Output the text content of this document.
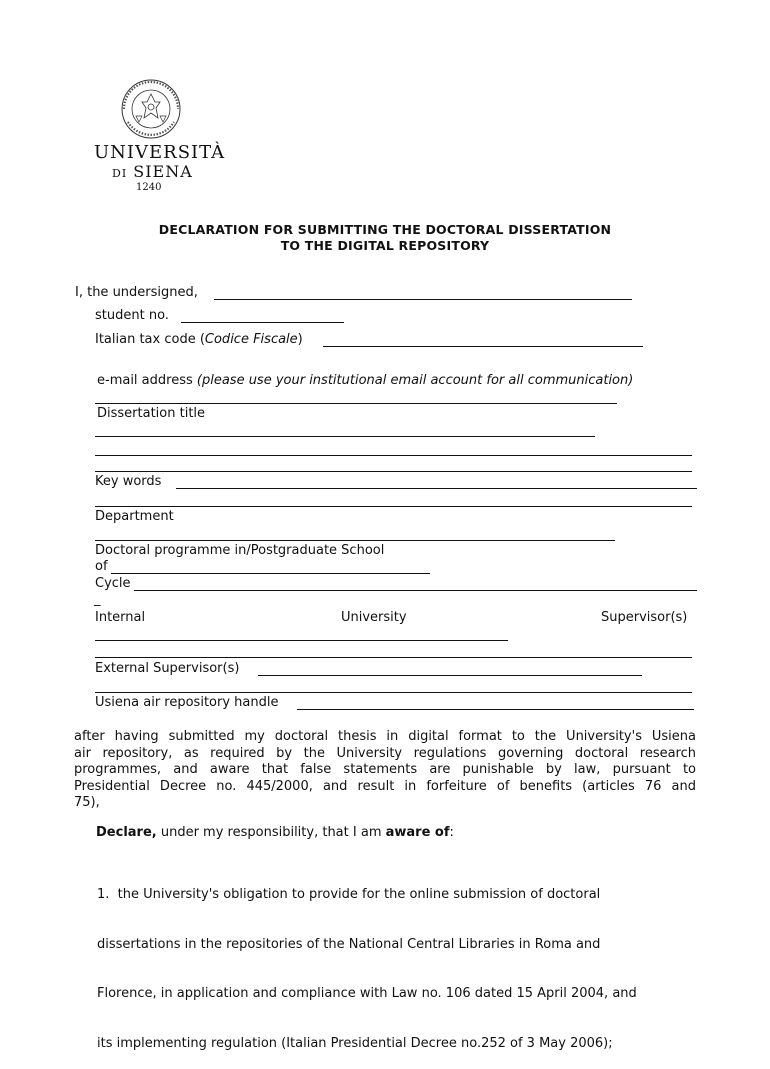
UNIVERSITÀ
DI SIENA
1240
DECLARATION FOR SUBMITTING THE DOCTORAL DISSERTATION
TO THE DIGITAL REPOSITORY
I, the undersigned,
student no.
Italian tax code (Codice Fiscale)
e-mail address (please use your institutional email account for all communication)
Dissertation title
Key words
Department
Doctoral programme in/Postgraduate School
of
Cycle
_
Internal	University	Supervisor(s)
External Supervisor(s)
Usiena air repository handle
after having submitted my doctoral thesis in digital format to the University's Usiena
air repository, as required by the University regulations governing doctoral research
programmes, and aware that false statements are punishable by law, pursuant to
Presidential Decree no. 445/2000, and result in forfeiture of benefits (articles 76 and
75),
Declare, under my responsibility, that I am aware of:

1.  the University's obligation to provide for the online submission of doctoral

dissertations in the repositories of the National Central Libraries in Roma and

Florence, in application and compliance with Law no. 106 dated 15 April 2004, and

its implementing regulation (Italian Presidential Decree no.252 of 3 May 2006);
